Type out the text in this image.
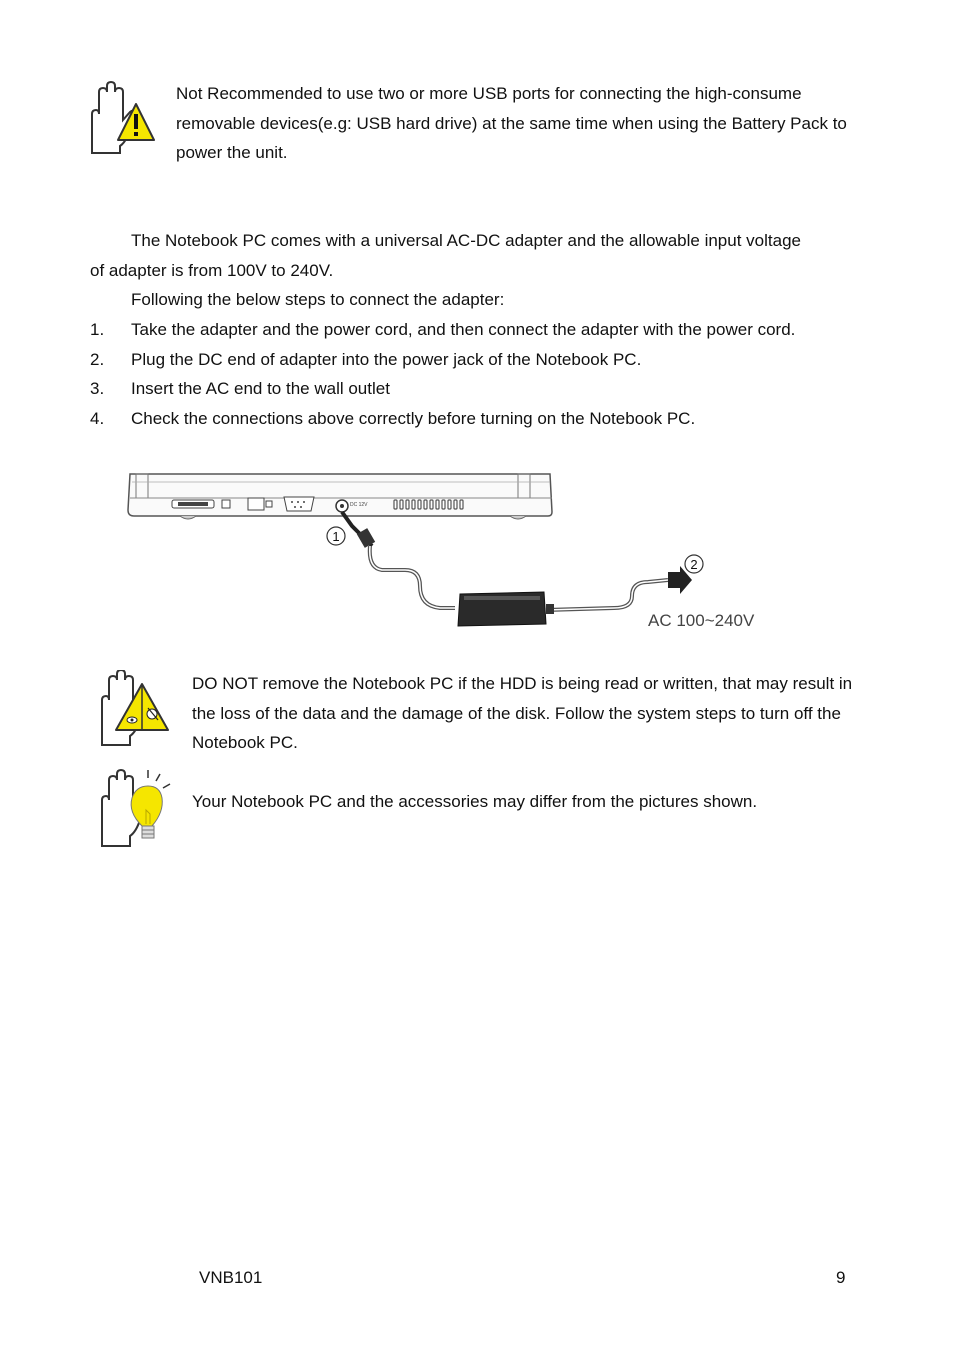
Not Recommended to use two or more USB ports for connecting the high-consume removable devices(e.g: USB hard drive) at the same time when using the Battery Pack to power the unit.
The Notebook PC comes with a universal AC-DC adapter and the allowable input voltage
of adapter is from 100V to 240V.
Following the below steps to connect the adapter:
1. Take the adapter and the power cord, and then connect the adapter with the power cord.
2. Plug the DC end of adapter into the power jack of the Notebook PC.
3. Insert the AC end to the wall outlet
4. Check the connections above correctly before turning on the Notebook PC.
DC 12V
1
2
AC 100~240V
DO NOT remove the Notebook PC if the HDD is being read or written, that may result in the loss of the data and the damage of the disk. Follow the system steps to turn off the Notebook PC.
Your Notebook PC and the accessories may differ from the pictures shown.
VNB101	9
